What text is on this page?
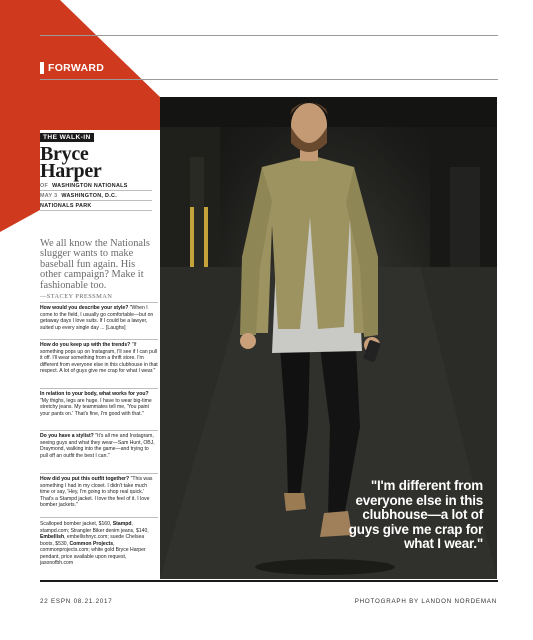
FORWARD
"I'm different from everyone else in this clubhouse—a lot of guys give me crap for what I wear."
THE WALK-IN
Bryce
Harper
OF WASHINGTON NATIONALS
MAY 3 WASHINGTON, D.C.
NATIONALS PARK
We all know the Nationals slugger wants to make baseball fun again. His other campaign? Make it fashionable too.
—STACEY PRESSMAN
How would you describe your style? "When I come to the field, I usually go comfortable—but on getaway days I love suits. If I could be a lawyer, suited up every single day ... [Laughs]
How do you keep up with the trends? "If something pops up on Instagram, I'll see if I can pull it off. I'll wear something from a thrift store. I'm different from everyone else in this clubhouse in that respect. A lot of guys give me crap for what I wear."
In relation to your body, what works for you? "My thighs, legs are huge. I have to wear big-time stretchy jeans. My teammates tell me, 'You paint your pants on.' That's fine, I'm good with that."
Do you have a stylist? "It's all me and Instagram, seeing guys and what they wear—Sam Hunt, OBJ, Draymond, walking into the game—and trying to pull off an outfit the best I can."
How did you put this outfit together? "This was something I had in my closet. I didn't take much time or say, 'Hey, I'm going to shop real quick.' That's a Stampd jacket. I love the feel of it. I love bomber jackets."
Scalloped bomber jacket, $160, Stampd, stampd.com; Strangler Biker denim jeans, $140, Embellish, embellishnyc.com; suede Chelsea boots, $530, Common Projects, commonprojects.com; white gold Bryce Harper pendant, price available upon request, jasonofbh.com
22 ESPN 08.21.2017	PHOTOGRAPH BY LANDON NORDEMAN
